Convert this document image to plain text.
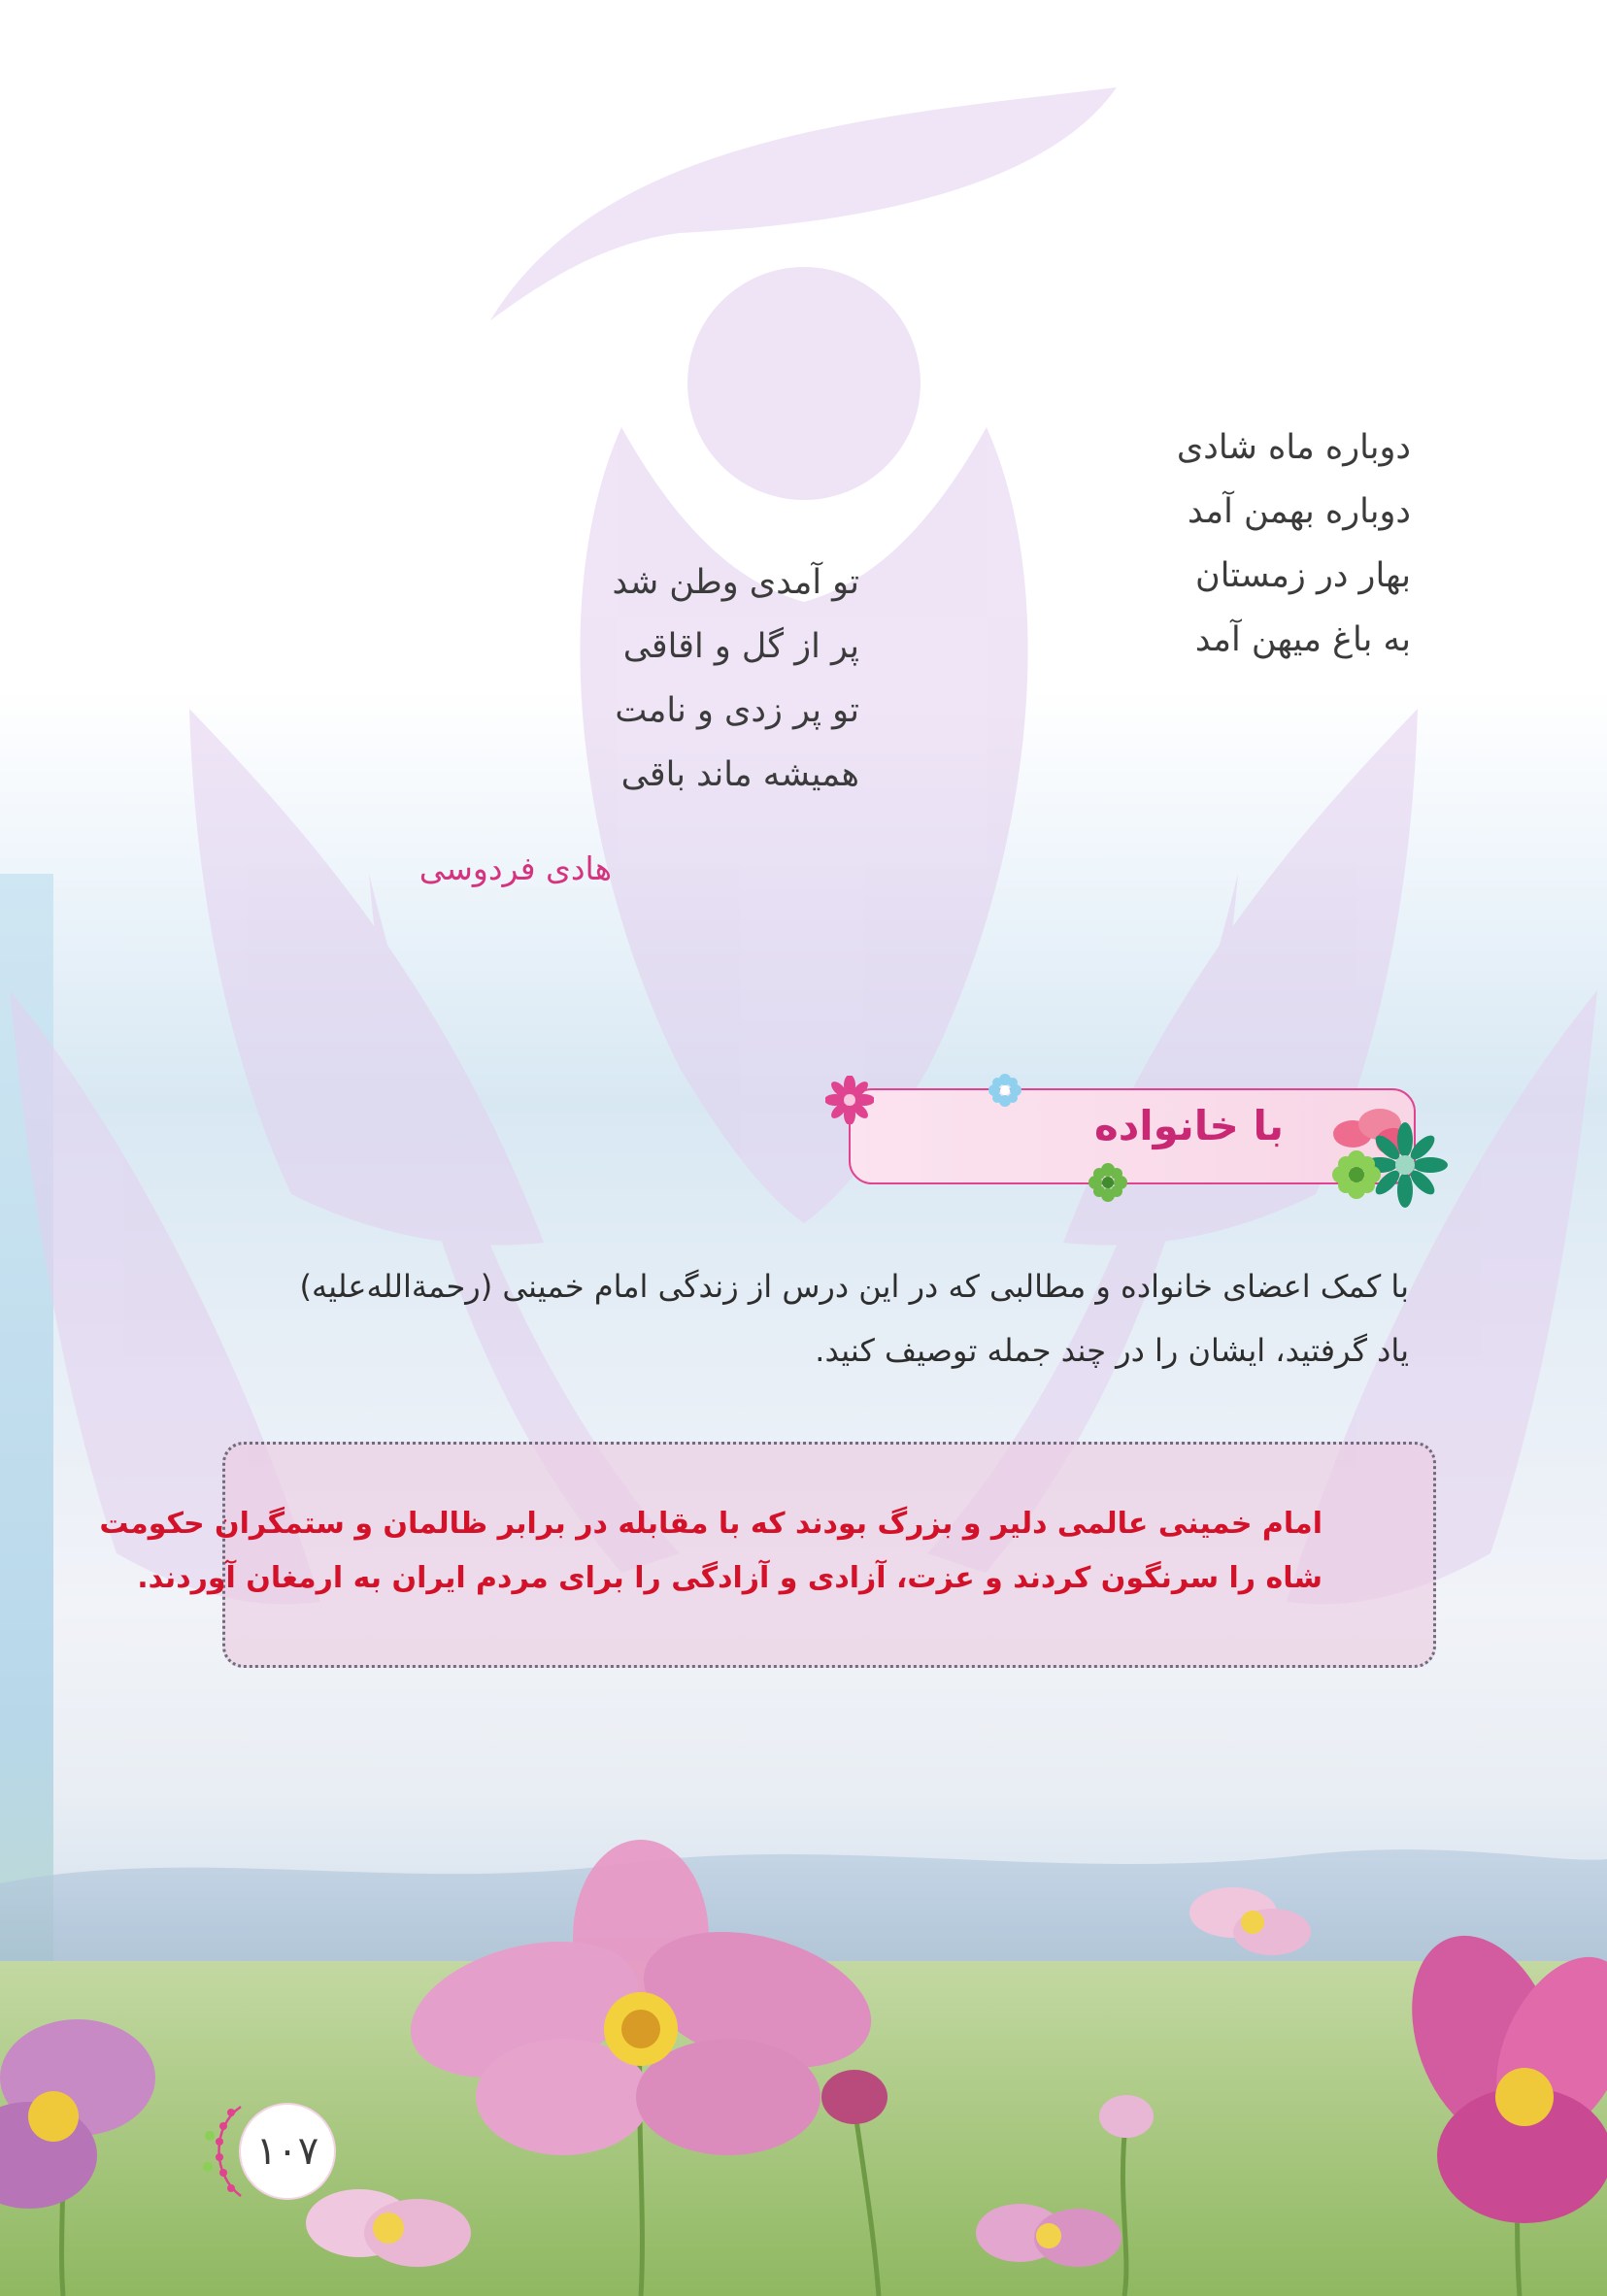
دوباره ماه شادی
دوباره بهمن آمد
بهار در زمستان
به باغ میهن آمد
تو آمدی وطن شد
پر از گل و اقاقی
تو پر زدی و نامت
همیشه ماند باقی
هادی فردوسی
با خانواده
با کمک اعضای خانواده و مطالبی که در این درس از زندگی امام خمینی (رحمة‌الله‌علیه)
یاد گرفتید، ایشان را در چند جمله توصیف کنید.
امام خمینی عالمی دلیر و بزرگ بودند که با مقابله در برابر ظالمان و ستمگران حکومت
شاه را سرنگون کردند و عزت، آزادی و آزادگی را برای مردم ایران به ارمغان آوردند.
۱۰۷
